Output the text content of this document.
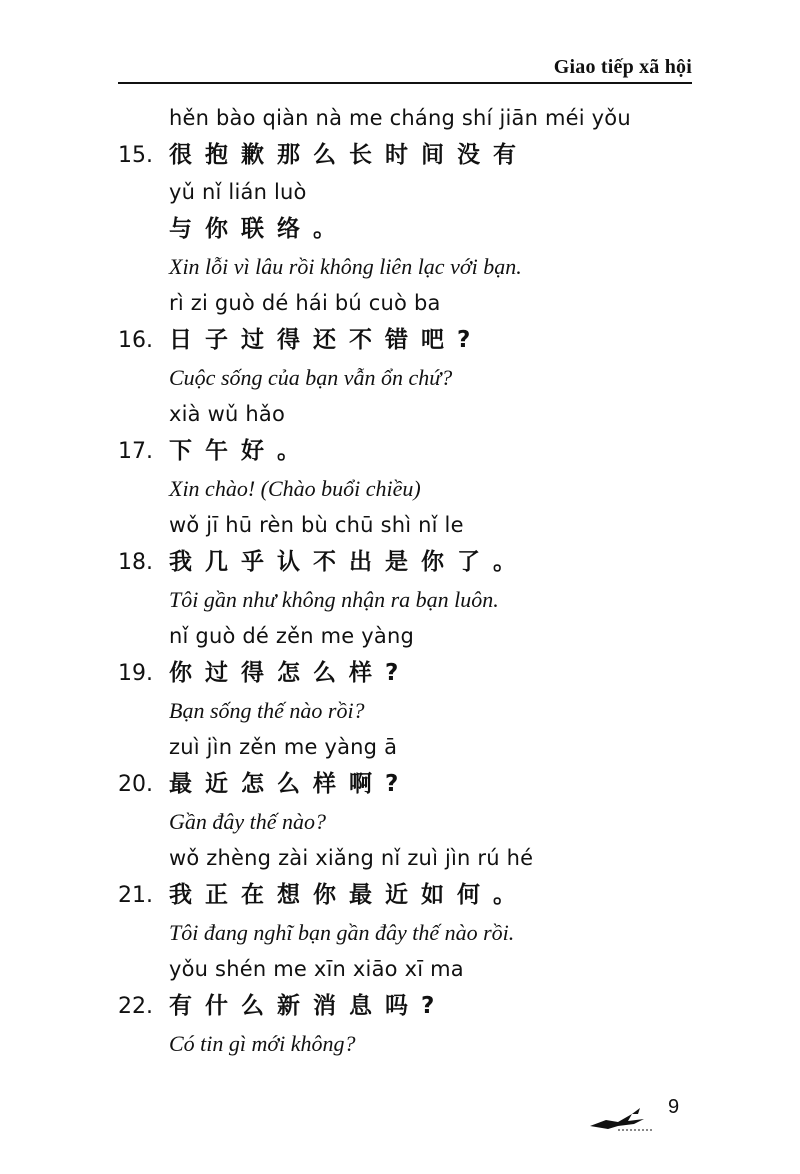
Giao tiếp xã hội
hěn bào qiàn nà me cháng shí jiān méi yǒu
15. 很抱歉那么长时间没有
yǔ nǐ lián luò
与你联络。
Xin lỗi vì lâu rồi không liên lạc với bạn.
rì zi guò dé hái bú cuò ba
16. 日子过得还不错吧?
Cuộc sống của bạn vẫn ổn chứ?
xià wǔ hǎo
17. 下午好。
Xin chào! (Chào buổi chiều)
wǒ jī hū rèn bù chū shì nǐ le
18. 我几乎认不出是你了。
Tôi gần như không nhận ra bạn luôn.
nǐ guò dé zěn me yàng
19. 你过得怎么样?
Bạn sống thế nào rồi?
zuì jìn zěn me yàng ā
20. 最近怎么样啊?
Gần đây thế nào?
wǒ zhèng zài xiǎng nǐ zuì jìn rú hé
21. 我正在想你最近如何。
Tôi đang nghĩ bạn gần đây thế nào rồi.
yǒu shén me xīn xiāo xī ma
22. 有什么新消息吗?
Có tin gì mới không?
9
